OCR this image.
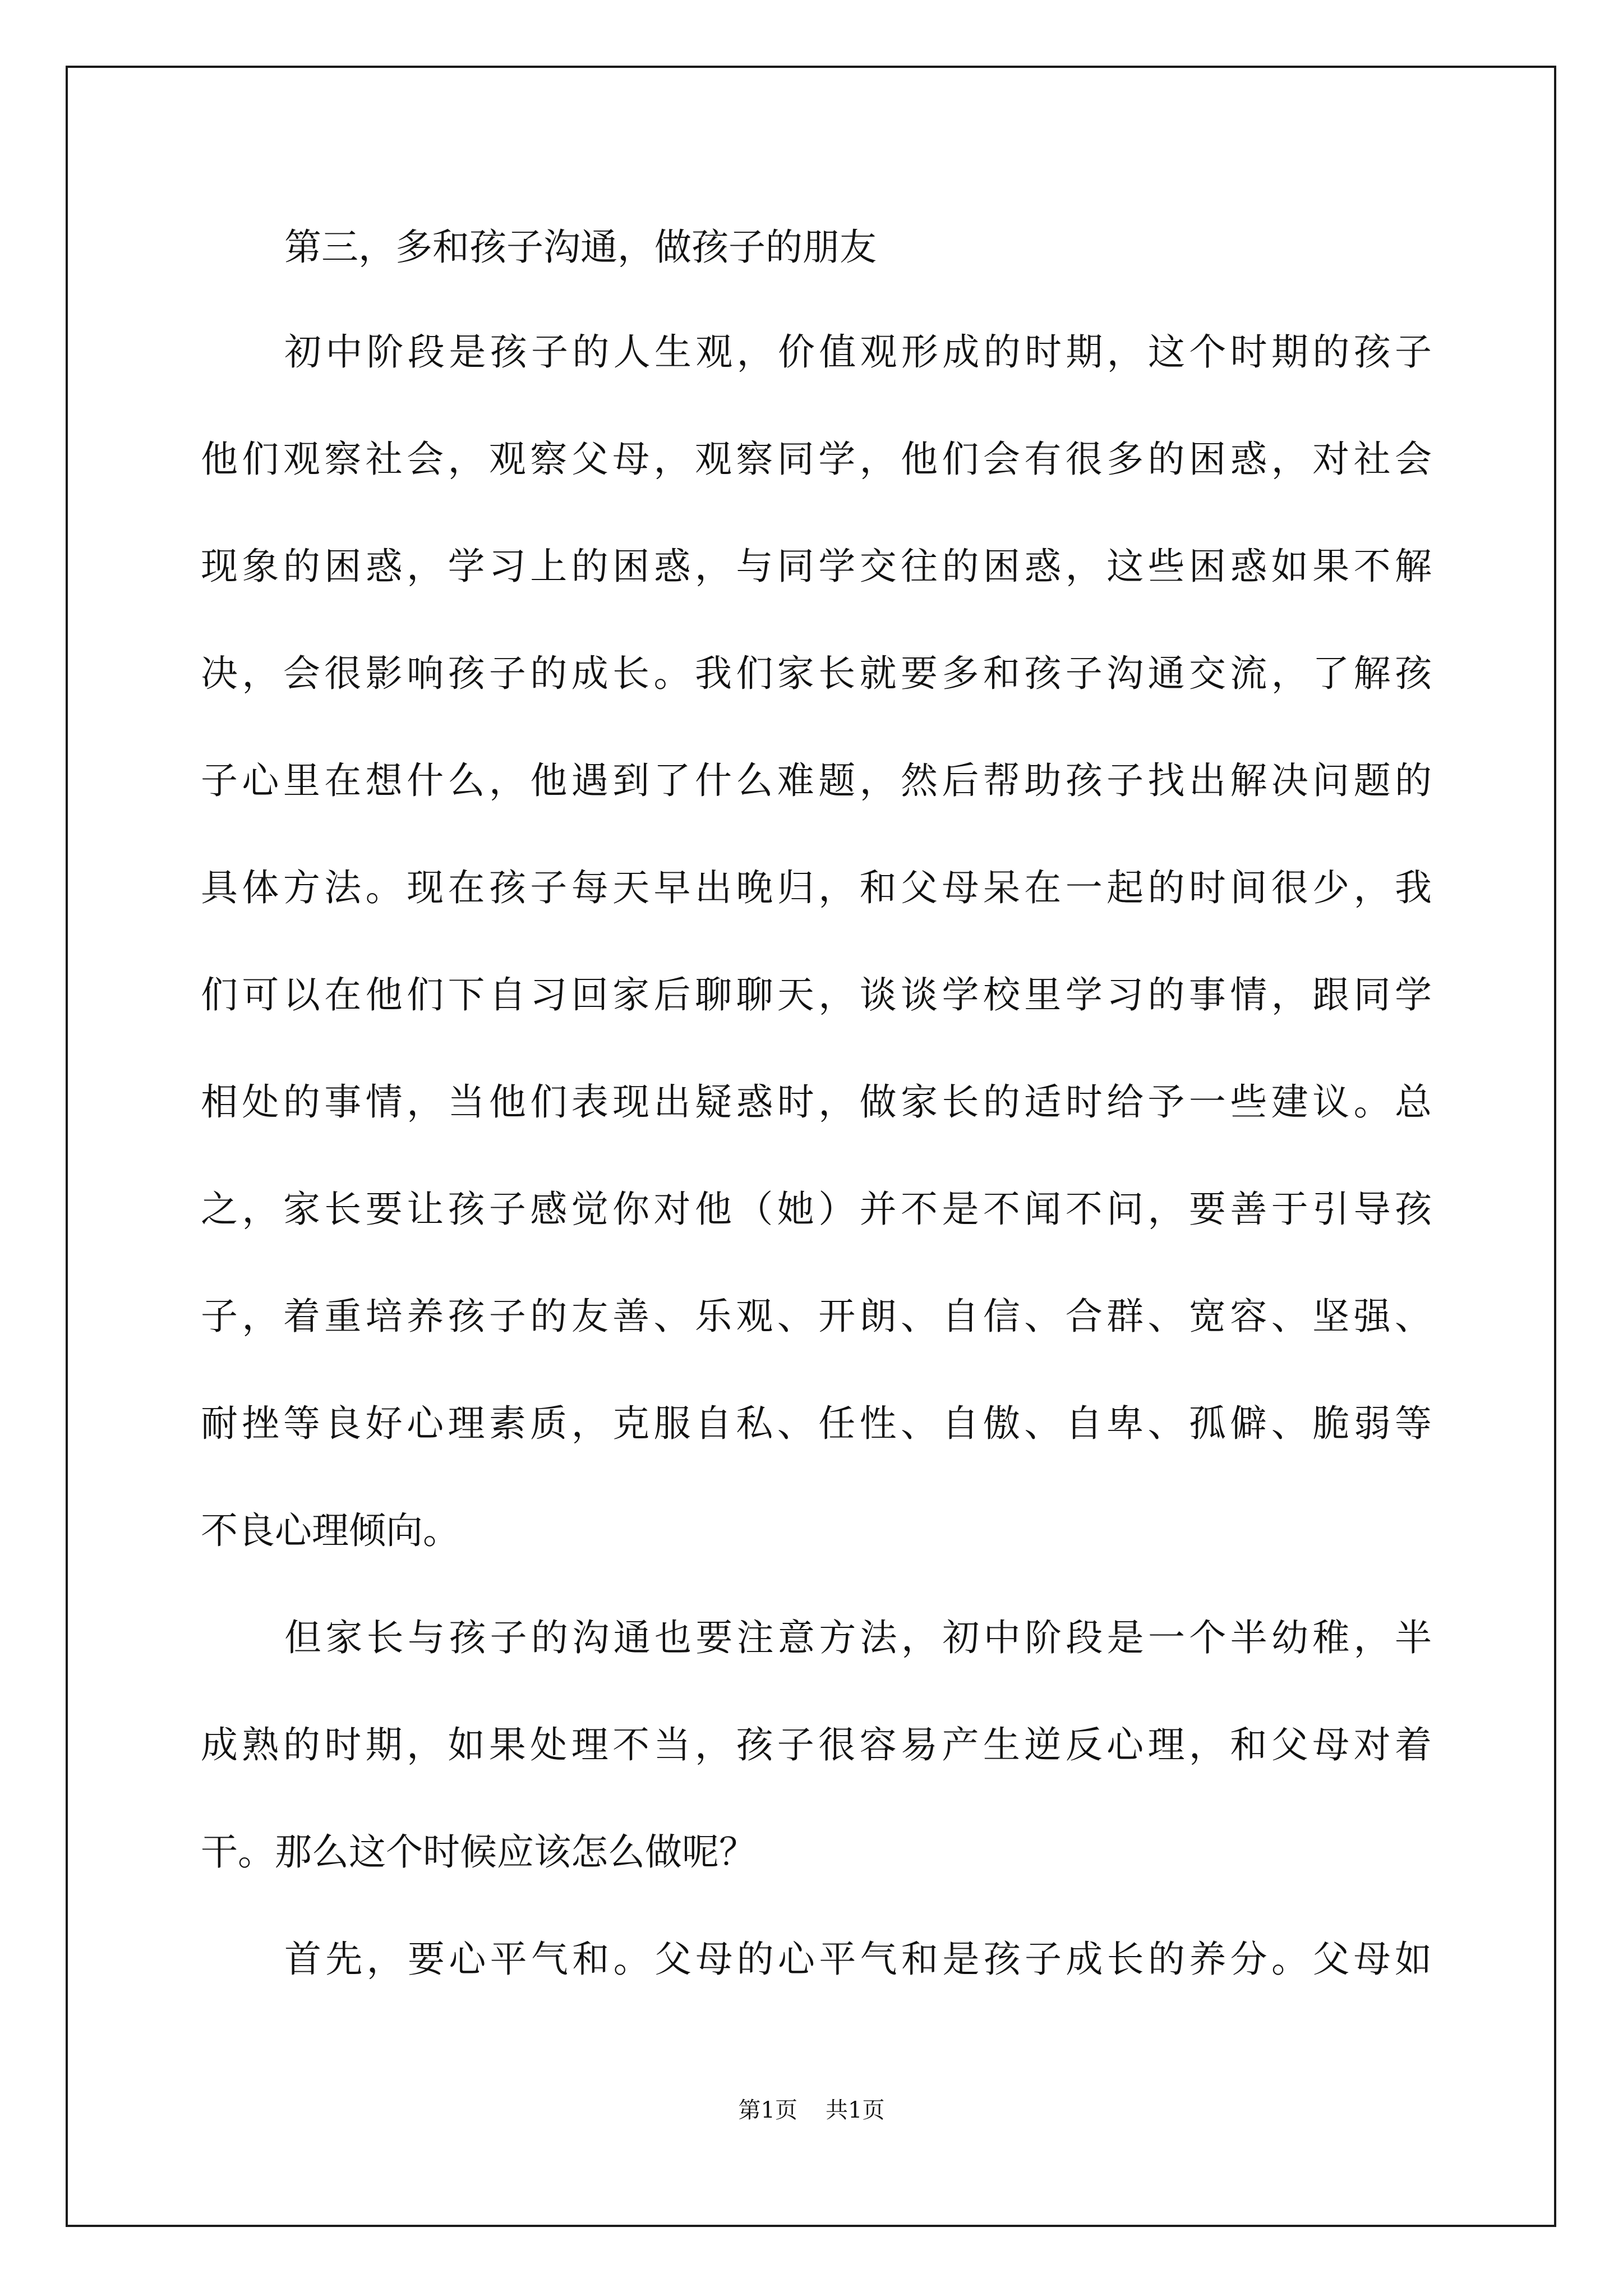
第三，多和孩子沟通，做孩子的朋友
初中阶段是孩子的人生观，价值观形成的时期，这个时期的孩子
他们观察社会，观察父母，观察同学，他们会有很多的困惑，对社会
现象的困惑，学习上的困惑，与同学交往的困惑，这些困惑如果不解
决，会很影响孩子的成长。我们家长就要多和孩子沟通交流，了解孩
子心里在想什么，他遇到了什么难题，然后帮助孩子找出解决问题的
具体方法。现在孩子每天早出晚归，和父母呆在一起的时间很少，我
们可以在他们下自习回家后聊聊天，谈谈学校里学习的事情，跟同学
相处的事情，当他们表现出疑惑时，做家长的适时给予一些建议。总
之，家长要让孩子感觉你对他（她）并不是不闻不问，要善于引导孩
子，着重培养孩子的友善、乐观、开朗、自信、合群、宽容、坚强、
耐挫等良好心理素质，克服自私、任性、自傲、自卑、孤僻、脆弱等
不良心理倾向。
但家长与孩子的沟通也要注意方法，初中阶段是一个半幼稚，半
成熟的时期，如果处理不当，孩子很容易产生逆反心理，和父母对着
干。那么这个时候应该怎么做呢？
首先，要心平气和。父母的心平气和是孩子成长的养分。父母如
第1页 共1页
